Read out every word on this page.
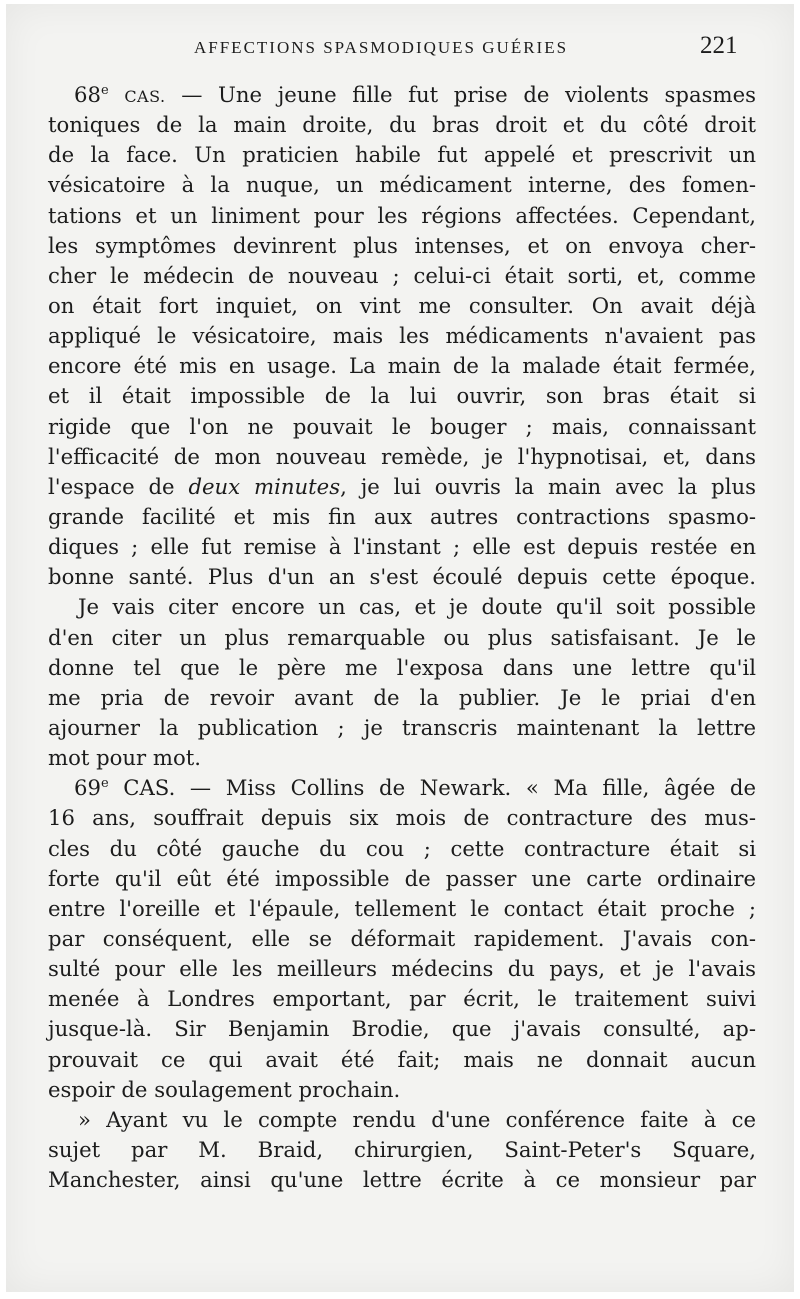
AFFECTIONS SPASMODIQUES GUÉRIES	221
68e CAS. — Une jeune fille fut prise de violents spasmes
toniques de la main droite, du bras droit et du côté droit
de la face. Un praticien habile fut appelé et prescrivit un
vésicatoire à la nuque, un médicament interne, des fomen-
tations et un liniment pour les régions affectées. Cependant,
les symptômes devinrent plus intenses, et on envoya cher-
cher le médecin de nouveau ; celui-ci était sorti, et, comme
on était fort inquiet, on vint me consulter. On avait déjà
appliqué le vésicatoire, mais les médicaments n'avaient pas
encore été mis en usage. La main de la malade était fermée,
et il était impossible de la lui ouvrir, son bras était si
rigide que l'on ne pouvait le bouger ; mais, connaissant
l'efficacité de mon nouveau remède, je l'hypnotisai, et, dans
l'espace de deux minutes, je lui ouvris la main avec la plus
grande facilité et mis fin aux autres contractions spasmo-
diques ; elle fut remise à l'instant ; elle est depuis restée en
bonne santé. Plus d'un an s'est écoulé depuis cette époque.
Je vais citer encore un cas, et je doute qu'il soit possible
d'en citer un plus remarquable ou plus satisfaisant. Je le
donne tel que le père me l'exposa dans une lettre qu'il
me pria de revoir avant de la publier. Je le priai d'en
ajourner la publication ; je transcris maintenant la lettre
mot pour mot.
69e CAS. — Miss Collins de Newark. « Ma fille, âgée de
16 ans, souffrait depuis six mois de contracture des mus-
cles du côté gauche du cou ; cette contracture était si
forte qu'il eût été impossible de passer une carte ordinaire
entre l'oreille et l'épaule, tellement le contact était proche ;
par conséquent, elle se déformait rapidement. J'avais con-
sulté pour elle les meilleurs médecins du pays, et je l'avais
menée à Londres emportant, par écrit, le traitement suivi
jusque-là. Sir Benjamin Brodie, que j'avais consulté, ap-
prouvait ce qui avait été fait; mais ne donnait aucun
espoir de soulagement prochain.
» Ayant vu le compte rendu d'une conférence faite à ce
sujet par M. Braid, chirurgien, Saint-Peter's Square,
Manchester, ainsi qu'une lettre écrite à ce monsieur par
